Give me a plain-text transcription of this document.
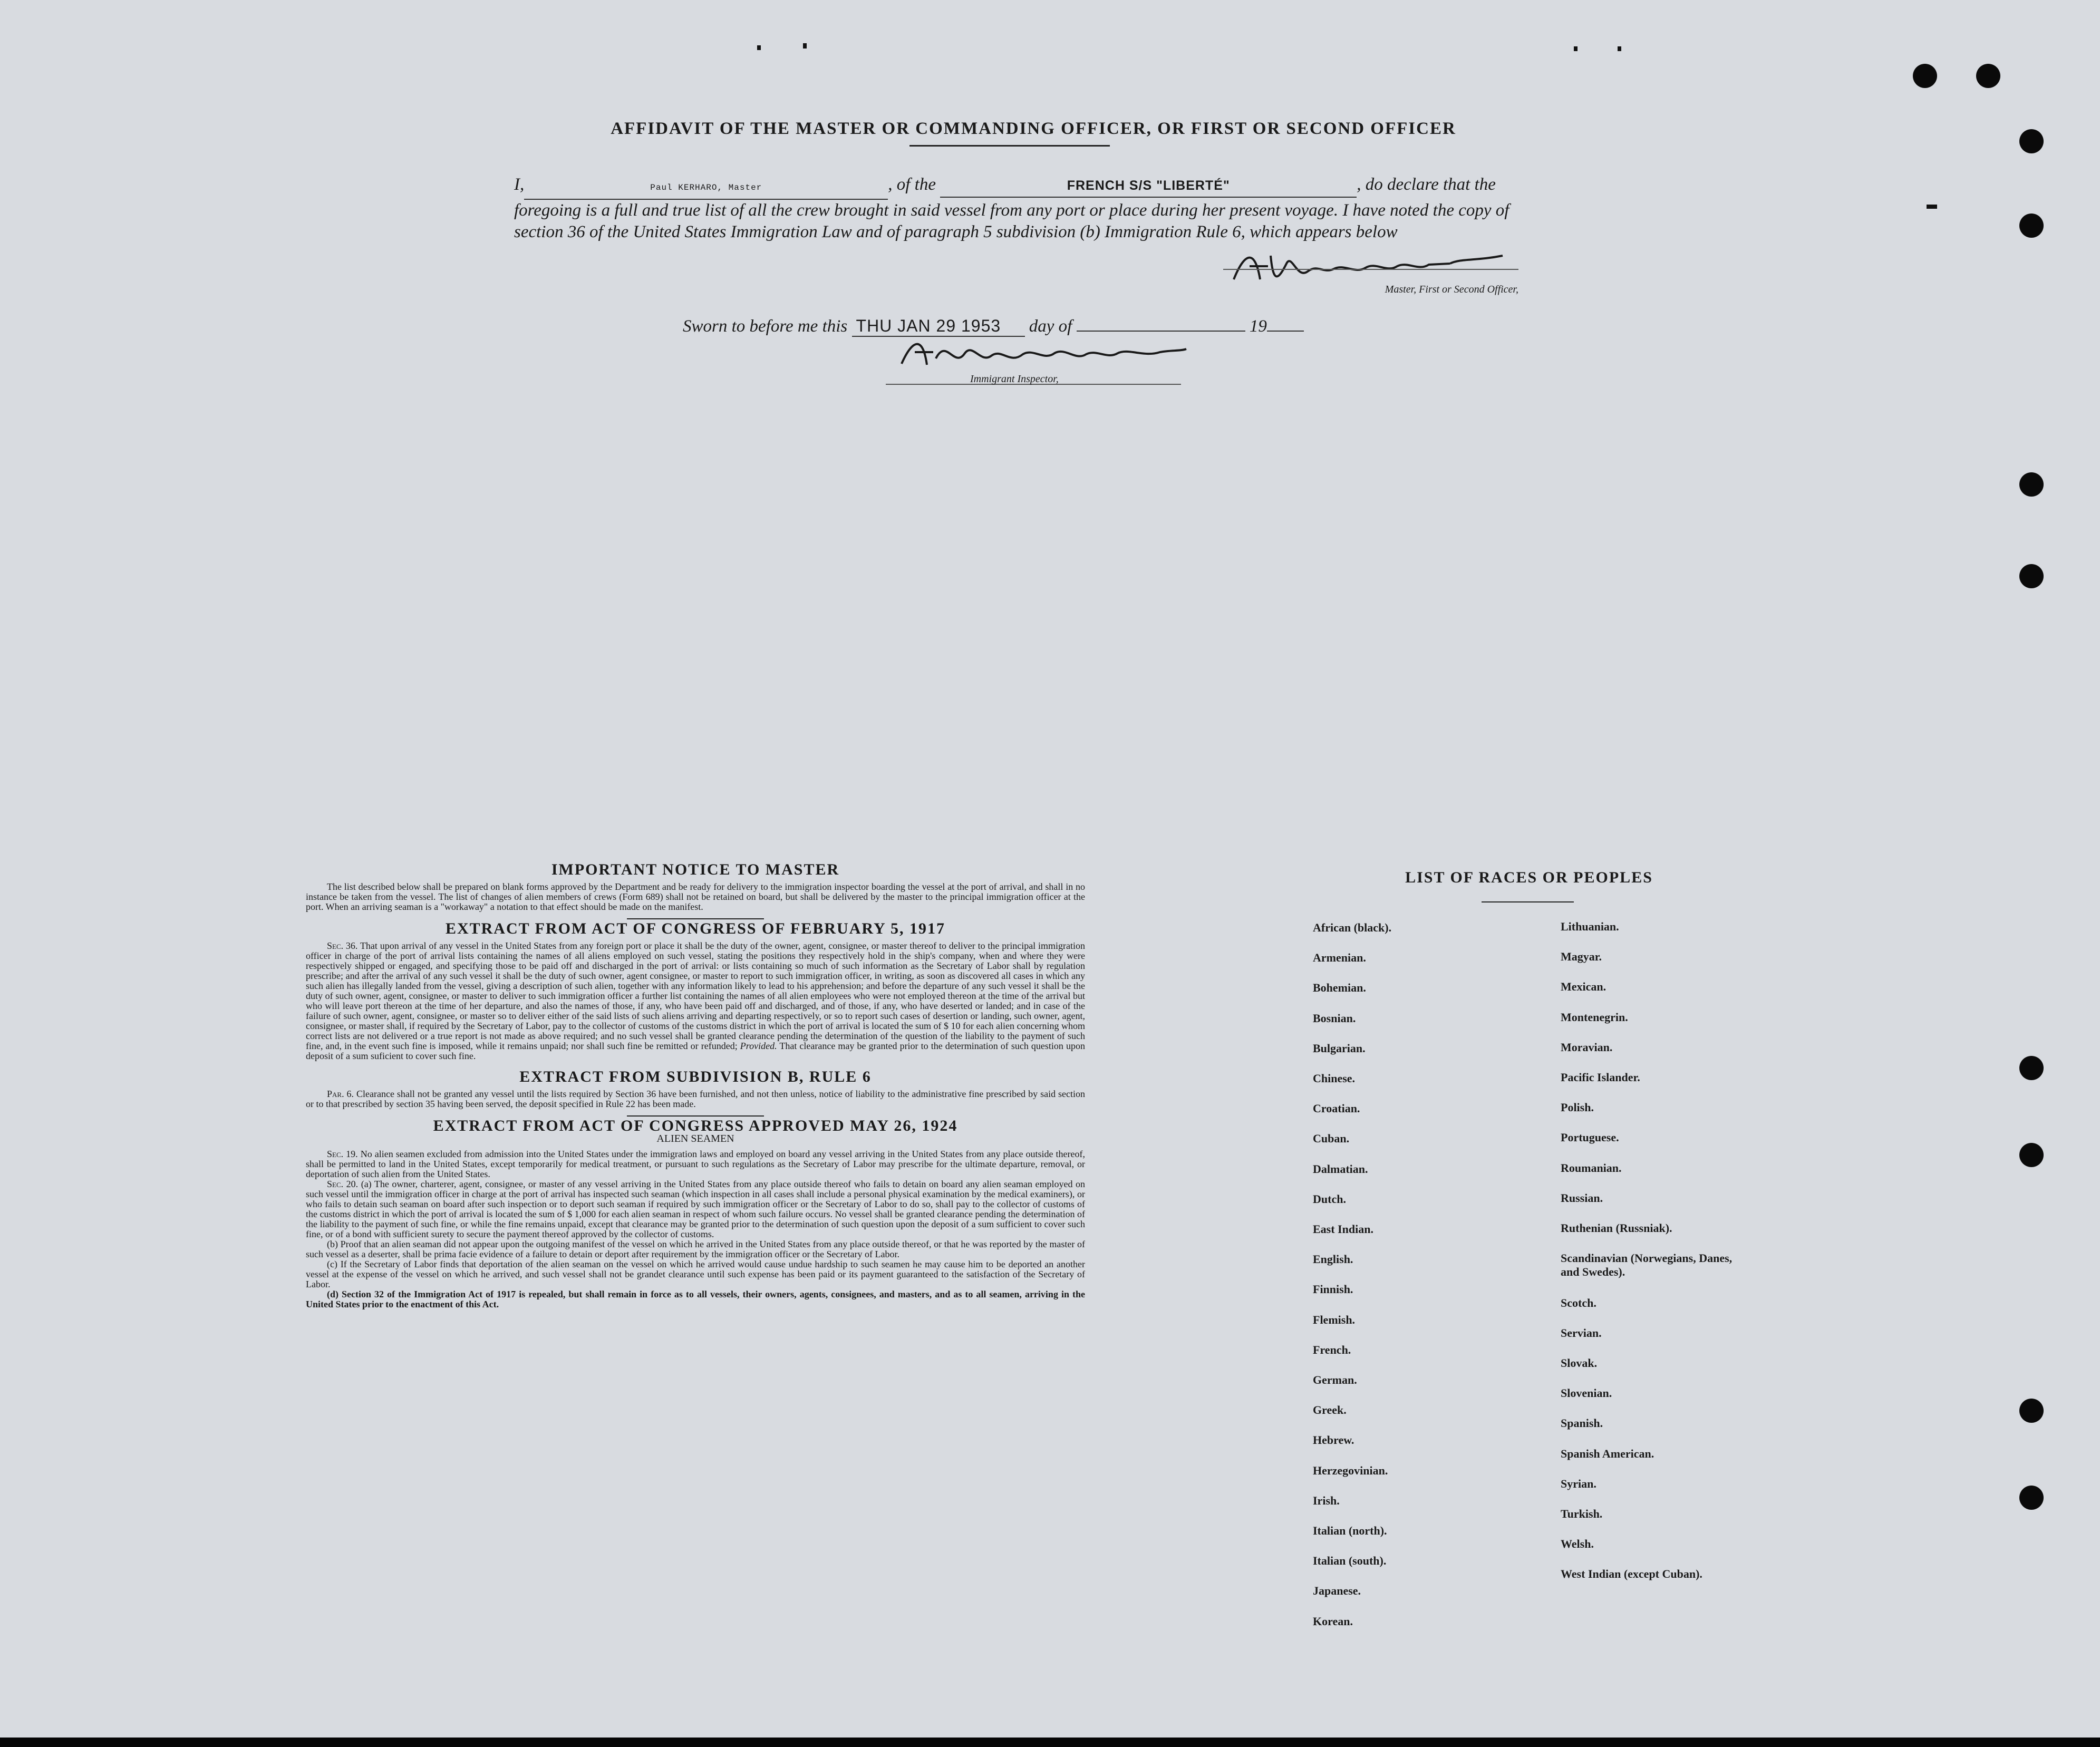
AFFIDAVIT OF THE MASTER OR COMMANDING OFFICER, OR FIRST OR SECOND OFFICER
I,	Paul KERHARO, Master	, of the	FRENCH S/S "LIBERTÉ"	, do declare that the foregoing is a full and true list of all the crew brought in said vessel from any port or place during her present voyage. I have noted the copy of section 36 of the United States Immigration Law and of paragraph 5 subdivision (b) Immigration Rule 6, which appears below
Master, First or Second Officer,
Sworn to before me this THU JAN 29 1953 day of	19
Immigrant Inspector,
IMPORTANT NOTICE TO MASTER

The list described below shall be prepared on blank forms approved by the Department and be ready for delivery to the immigration inspector boarding the vessel at the port of arrival, and shall in no instance be taken from the vessel. The list of changes of alien members of crews (Form 689) shall not be retained on board, but shall be delivered by the master to the principal immigration officer at the port. When an arriving seaman is a "workaway" a notation to that effect should be made on the manifest.

EXTRACT FROM ACT OF CONGRESS OF FEBRUARY 5, 1917

Sec. 36. That upon arrival of any vessel in the United States from any foreign port or place it shall be the duty of the owner, agent, consignee, or master thereof to deliver to the principal immigration officer in charge of the port of arrival lists containing the names of all aliens employed on such vessel, stating the positions they respectively hold in the ship's company, when and where they were respectively shipped or engaged, and specifying those to be paid off and discharged in the port of arrival: or lists containing so much of such information as the Secretary of Labor shall by regulation prescribe; and after the arrival of any such vessel it shall be the duty of such owner, agent consignee, or master to report to such immigration officer, in writing, as soon as discovered all cases in which any such alien has illegally landed from the vessel, giving a description of such alien, together with any information likely to lead to his apprehension; and before the departure of any such vessel it shall be the duty of such owner, agent, consignee, or master to deliver to such immigration officer a further list containing the names of all alien employees who were not employed thereon at the time of the arrival but who will leave port thereon at the time of her departure, and also the names of those, if any, who have been paid off and discharged, and of those, if any, who have deserted or landed; and in case of the failure of such owner, agent, consignee, or master so to deliver either of the said lists of such aliens arriving and departing respectively, or so to report such cases of desertion or landing, such owner, agent, consignee, or master shall, if required by the Secretary of Labor, pay to the collector of customs of the customs district in which the port of arrival is located the sum of $ 10 for each alien concerning whom correct lists are not delivered or a true report is not made as above required; and no such vessel shall be granted clearance pending the determination of the question of the liability to the payment of such fine, and, in the event such fine is imposed, while it remains unpaid; nor shall such fine be remitted or refunded; Provided. That clearance may be granted prior to the determination of such question upon deposit of a sum suficient to cover such fine.

EXTRACT FROM SUBDIVISION B, RULE 6

Par. 6. Clearance shall not be granted any vessel until the lists required by Section 36 have been furnished, and not then unless, notice of liability to the administrative fine prescribed by said section or to that prescribed by section 35 having been served, the deposit specified in Rule 22 has been made.

EXTRACT FROM ACT OF CONGRESS APPROVED MAY 26, 1924
ALIEN SEAMEN

Sec. 19. No alien seamen excluded from admission into the United States under the immigration laws and employed on board any vessel arriving in the United States from any place outside thereof, shall be permitted to land in the United States, except temporarily for medical treatment, or pursuant to such regulations as the Secretary of Labor may prescribe for the ultimate departure, removal, or deportation of such alien from the United States.

Sec. 20. (a) The owner, charterer, agent, consignee, or master of any vessel arriving in the United States from any place outside thereof who fails to detain on board any alien seaman employed on such vessel until the immigration officer in charge at the port of arrival has inspected such seaman (which inspection in all cases shall include a personal physical examination by the medical examiners), or who fails to detain such seaman on board after such inspection or to deport such seaman if required by such immigration officer or the Secretary of Labor to do so, shall pay to the collector of customs of the customs district in which the port of arrival is located the sum of $ 1,000 for each alien seaman in respect of whom such failure occurs. No vessel shall be granted clearance pending the determination of the liability to the payment of such fine, or while the fine remains unpaid, except that clearance may be granted prior to the determination of such question upon the deposit of a sum sufficient to cover such fine, or of a bond with sufficient surety to secure the payment thereof approved by the collector of customs.

(b) Proof that an alien seaman did not appear upon the outgoing manifest of the vessel on which he arrived in the United States from any place outside thereof, or that he was reported by the master of such vessel as a deserter, shall be prima facie evidence of a failure to detain or deport after requirement by the immigration officer or the Secretary of Labor.

(c) If the Secretary of Labor finds that deportation of the alien seaman on the vessel on which he arrived would cause undue hardship to such seamen he may cause him to be deported an another vessel at the expense of the vessel on which he arrived, and such vessel shall not be grandet clearance until such expense has been paid or its payment guaranteed to the satisfaction of the Secretary of Labor.

(d) Section 32 of the Immigration Act of 1917 is repealed, but shall remain in force as to all vessels, their owners, agents, consignees, and masters, and as to all seamen, arriving in the United States prior to the enactment of this Act.

LIST OF RACES OR PEOPLES
African (black).
Armenian.
Bohemian.
Bosnian.
Bulgarian.
Chinese.
Croatian.
Cuban.
Dalmatian.
Dutch.
East Indian.
English.
Finnish.
Flemish.
French.
German.
Greek.
Hebrew.
Herzegovinian.
Irish.
Italian (north).
Italian (south).
Japanese.
Korean.
Lithuanian.
Magyar.
Mexican.
Montenegrin.
Moravian.
Pacific Islander.
Polish.
Portuguese.
Roumanian.
Russian.
Ruthenian (Russniak).
Scandinavian (Norwegians, Danes, and Swedes).
Scotch.
Servian.
Slovak.
Slovenian.
Spanish.
Spanish American.
Syrian.
Turkish.
Welsh.
West Indian (except Cuban).
